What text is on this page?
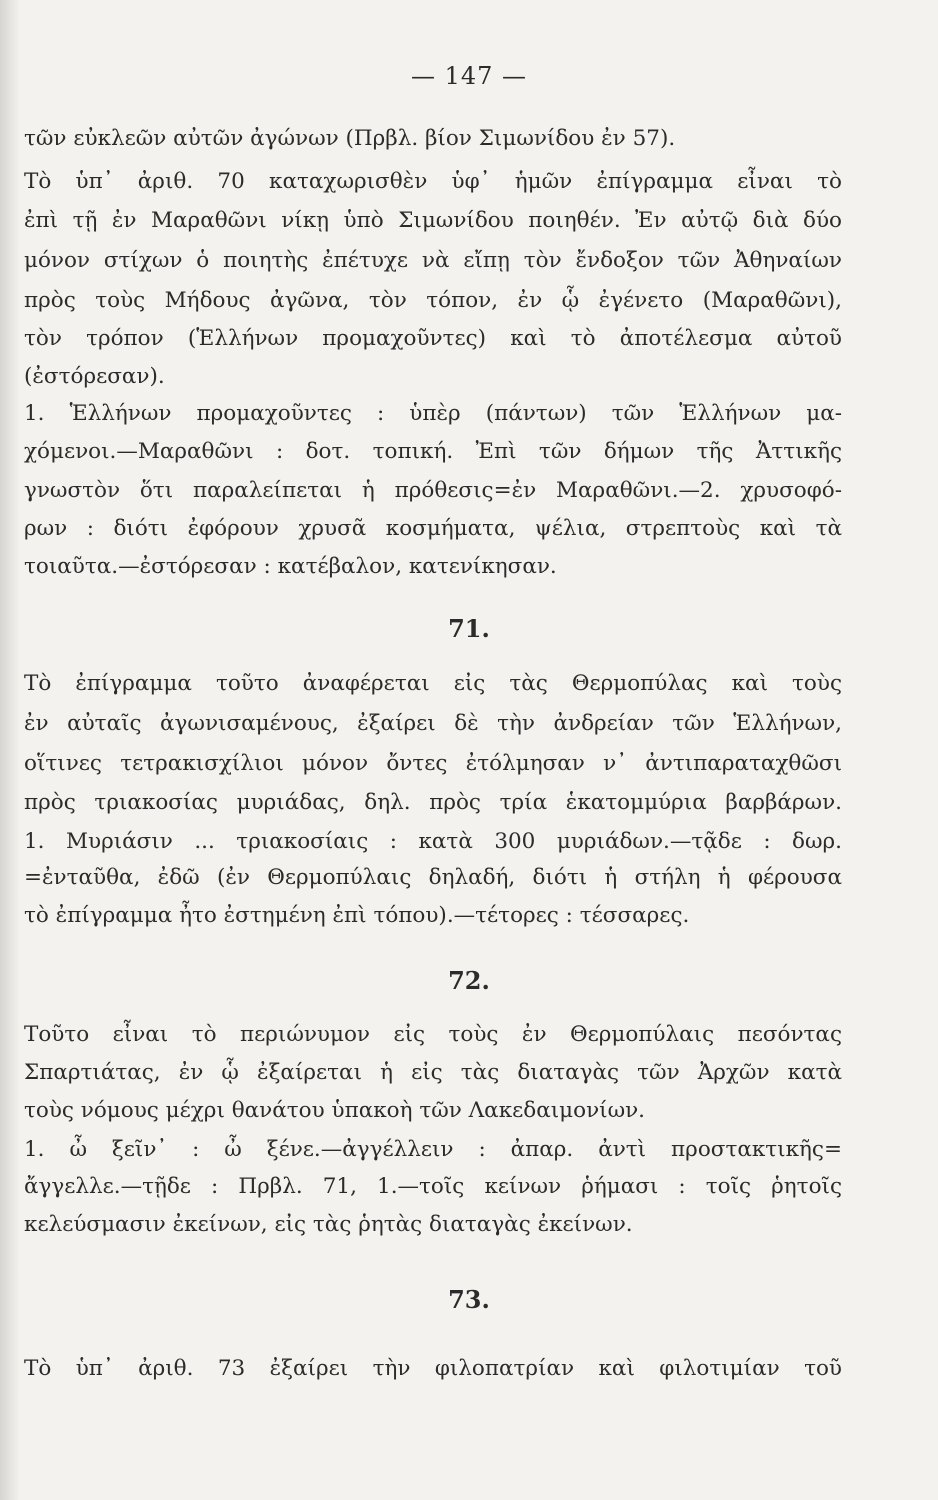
— 147 —
τῶν εὐκλεῶν αὐτῶν ἀγώνων (Πρβλ. βίον Σιμωνίδου ἐν 57).
Τὸ ὑπ᾿ ἀριθ. 70 καταχωρισθὲν ὑφ᾿ ἡμῶν ἐπίγραμμα εἶναι τὸ
ἐπὶ τῇ ἐν Μαραθῶνι νίκῃ ὑπὸ Σιμωνίδου ποιηθέν. Ἐν αὐτῷ διὰ δύο
μόνον στίχων ὁ ποιητὴς ἐπέτυχε νὰ εἴπῃ τὸν ἔνδοξον τῶν Ἀθηναίων
πρὸς τοὺς Μήδους ἀγῶνα, τὸν τόπον, ἐν ᾧ ἐγένετο (Μαραθῶνι),
τὸν τρόπον (Ἑλλήνων προμαχοῦντες) καὶ τὸ ἀποτέλεσμα αὐτοῦ
(ἐστόρεσαν).
1. Ἑλλήνων προμαχοῦντες : ὑπὲρ (πάντων) τῶν Ἑλλήνων μα-
χόμενοι.—Μαραθῶνι : δοτ. τοπική. Ἐπὶ τῶν δήμων τῆς Ἀττικῆς
γνωστὸν ὅτι παραλείπεται ἡ πρόθεσις=ἐν Μαραθῶνι.—2. χρυσοφό-
ρων : διότι ἐφόρουν χρυσᾶ κοσμήματα, ψέλια, στρεπτοὺς καὶ τὰ
τοιαῦτα.—ἐστόρεσαν : κατέβαλον, κατενίκησαν.
71.
Τὸ ἐπίγραμμα τοῦτο ἀναφέρεται εἰς τὰς Θερμοπύλας καὶ τοὺς
ἐν αὐταῖς ἀγωνισαμένους, ἐξαίρει δὲ τὴν ἀνδρείαν τῶν Ἑλλήνων,
οἵτινες τετρακισχίλιοι μόνον ὄντες ἐτόλμησαν ν᾿ ἀντιπαραταχθῶσι
πρὸς τριακοσίας μυριάδας, δηλ. πρὸς τρία ἑκατομμύρια βαρβάρων.
1. Μυριάσιν ... τριακοσίαις : κατὰ 300 μυριάδων.—τᾷδε : δωρ.
=ἐνταῦθα, ἐδῶ (ἐν Θερμοπύλαις δηλαδή, διότι ἡ στήλη ἡ φέρουσα
τὸ ἐπίγραμμα ἦτο ἐστημένη ἐπὶ τόπου).—τέτορες : τέσσαρες.
72.
Τοῦτο εἶναι τὸ περιώνυμον εἰς τοὺς ἐν Θερμοπύλαις πεσόντας
Σπαρτιάτας, ἐν ᾧ ἐξαίρεται ἡ εἰς τὰς διαταγὰς τῶν Ἀρχῶν κατὰ
τοὺς νόμους μέχρι θανάτου ὑπακοὴ τῶν Λακεδαιμονίων.
1. ὦ ξεῖν᾿ : ὦ ξένε.—ἀγγέλλειν : ἀπαρ. ἀντὶ προστακτικῆς=
ἄγγελλε.—τῇδε : Πρβλ. 71, 1.—τοῖς κείνων ῥήμασι : τοῖς ῥητοῖς
κελεύσμασιν ἐκείνων, εἰς τὰς ῥητὰς διαταγὰς ἐκείνων.
73.
Τὸ ὑπ᾿ ἀριθ. 73 ἐξαίρει τὴν φιλοπατρίαν καὶ φιλοτιμίαν τοῦ
